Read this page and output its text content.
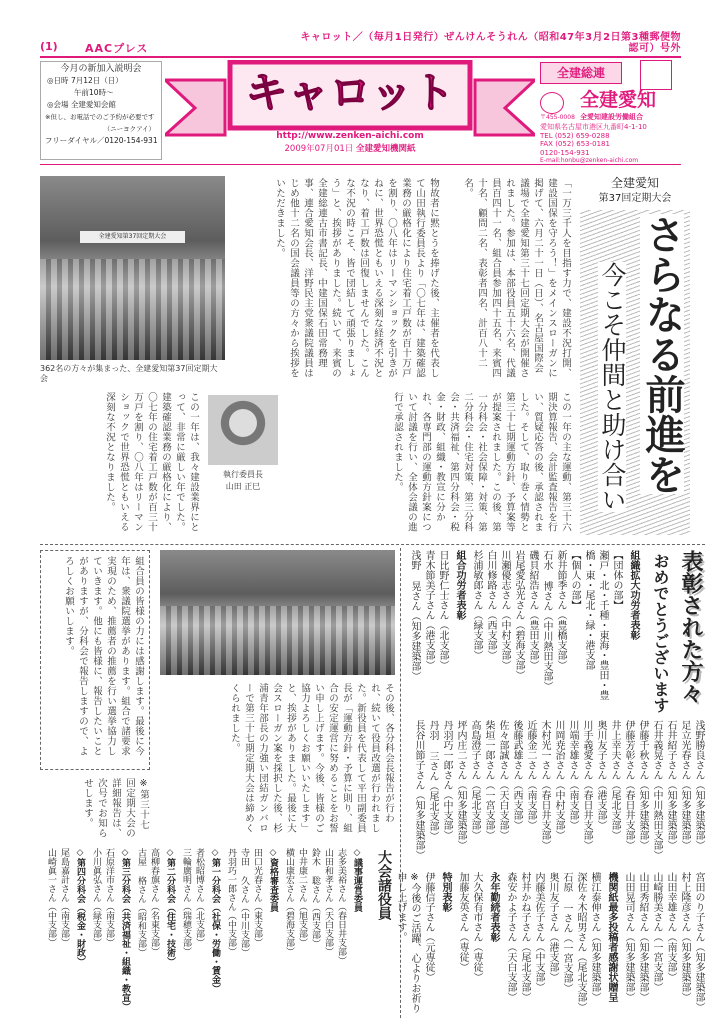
(1) AACプレス
キャロット／（毎月1日発行）ぜんけんそうれん（昭和47年3月2日第3種郵便物認可）号外
今月の新加入説明会
◎日時 7月12日（日）
午前10時〜
◎会場 全建愛知会館
※但し、お電話でのご予約が必要です
（ニーヨクアイ）
フリーダイヤル／0120-154-931
キャロット
http://www.zenken-aichi.com
2009年07月01日 全建愛知機関紙
全建総連
全建愛知
〒455-0008 全愛知建設労働組合
愛知県名古屋市港区九番町4-1-10
TEL (052) 659-0288
FAX (052) 653-0181
0120-154-931
E-mail:honbu@zenken-aichi.com
全建愛知
第37回定期大会
さらなる前進を
今こそ仲間と助け合い
「一万三千人を目指す力で、建設不況打開、建設国保を守ろう！」をメインスローガンに掲げて、六月二十一日（日）、名古屋国際会議場で全建愛知第三十七回定期大会が開催されました。参加は、本部役員五十六名、代議員百四十一名、組合員参加四十五名、来賓四十名、顧問二名、表彰者四名、計百八十二名。
全建愛知第37回定期大会
362名の方々が集まった、全建愛知第37回定期大会
物故者に黙とうを捧げた後、主催者を代表して山田執行委員長より「〇七年は、建築確認業務の厳格化により住宅着工戸数が百十万戸を割り、〇八年はリーマンショックを引きがねに、世界恐慌ともいえる深刻な経済不況となり、着工戸数は回復しませんでした。こんな不況の時こそ、皆で団結して頑張りましょう」と、挨拶がありました。続いて、来賓の全建総連古市書記長、中建国保石田常務理事、連合愛知会長、洋野民主党衆議院議員はじめ他十二名の国会議員等の方々から挨拶をいただきました。
この一年の主な運動、第三十六期決算報告、会計監査報告を行い、質疑応答の後、承認されました。そして、取り巻く情勢と第三十七期運動方針、予算案等が提案されました。この後、第一分科会・社会保障・対策、第二分科会・住宅対策、第三分科会・共済福祉、第四分科会・税金・財政、組織・教宣に分かれ、各専門部の運動方針案について討議を行い、全体会議の進行で承認されました。
執行委員長
山田 正巳
この一年は、我々建設業界にとって、非常に厳しい年でした。建築確認業務の厳格化により、〇七年の住宅着工戸数が百三十万戸を割り、〇八年はリーマンショックで世界恐慌ともいえる深刻な不況となりました。
組合員の皆様の力には感謝します。最後に今年は、衆議院選挙があります。組合で諸要求実現のため、推薦者の推薦を行い選挙協力していきます。他にも皆様に、報告したいことがありますが、分科会で報告しますので、よろしくお願いします。
※第三十七回定期大会の詳細報告は、次号でお知らせします。	その後、各分科会長報告が行われ、続いて役員改選が行われました。新役員を代表して平田副委員長が「運動方針・予算に則り、組合の安定運営に努めることをお誓い申し上げます。今後、皆様のご協力よろしくお願いいたします」と、挨拶がありました。最後に大会スローガン案を採択した後、杉浦青年部長の力強い団結ガンバローで第三十七期定期大会は締めくくられました。
大会諸役員
◇議事運営委員
志多美裕さん（春日井支部）
山田和孝さん（天白支部）
鈴木 聡さん（西支部）
中井康二さん（旭支部）
横山康宏さん（碧海支部）
◇資格審査委員
田口光春さん（東支部）
寺田 久さん（中川支部）
丹羽巧一郎さん（中支部）
◇第一分科会（社保・労働・賃金）
者松昭博さん（北支部）
三輪廣明さん（瑞穂支部）
◇第二分科会（住宅・技術）
高柳春旗さん（名東支部）
古屋 格さん（昭和支部）
◇第三分科会（共済福祉・組織・教宣）
石原洋市さん（南支部）
小川眞弘さん（緑支部）
◇第四分科会（税金・財政）
尾島嘉計さん（南支部）
山崎眞一さん（中支部）
表彰された方々
おめでとうございます
組織拡大功労者表彰
【団体の部】
瀬戸・北・千種・東海・豊田・豊橋・東・尾北・緑・港支部
【個人の部】
新井節季さん（豊橋支部）
石水 博さん（中川熱田支部）
磯貝紹浩さん（豊田支部）
岩尾愛弘光さん（碧海支部）
川瀬優志さん（中村支部）
白川修路さん（西支部）
杉浦敏郎さん（緑支部）
組合功労者表彰
日比野仁士さん（北支部）
青木節美子さん（港支部）
浅野 晃さん（知多建築部）
浅野勝良さん（知多建築部）
足立光春さん（知多建築部）
石井紹子さん（知多建築部）
石井義晃さん（中川熱田支部）
伊藤千秋さん（知多建築部）
伊藤芳彰さん（春日井支部）
井上幸夫さん（尾北支部）
奥川友子さん（港支部）
川手義愛さん（春日井支部）
川端幸雄さん（南支部）
川岡尭治さん（中村支部）
木村光一さん（春日井支部）
近藤金二さん（南支部）
後藤武雄さん（西支部）
佐々部誠さん（天白支部）
柴垣一郎さん（一宮支部）
高島澄子さん（尾北支部）
坪内庄二さん（知多建築部）
丹羽巧一郎さん（中支部）
丹羽 三さん（尾北支部）
長谷川節子さん（知多建築部）
宮田のり子さん（知多建築部）
村上隆彦さん（知多建築部）
山田幸雄さん（南支部）
山崎勝美さん（一宮支部）
山田秀紹さん（知多建築部）
山田晃司さん（知多建築部）
機関紙最多投稿者感謝状贈呈
横江泰伸さん（知多建築部）
深佐々木昭男さん（尾北支部）
石原 一さん（一宮支部）
奥川友子さん（港支部）
内藤美佐子さん（中支部）
村井かね子さん（尾北支部）
森安かよ子さん（天白支部）
永年勤続者表彰
大久保有市さん（専従）
加藤友英さん（専従）
特別表彰
伊藤信子さん（元専従）
※今後のご活躍、心よりお祈り申し上げます。
